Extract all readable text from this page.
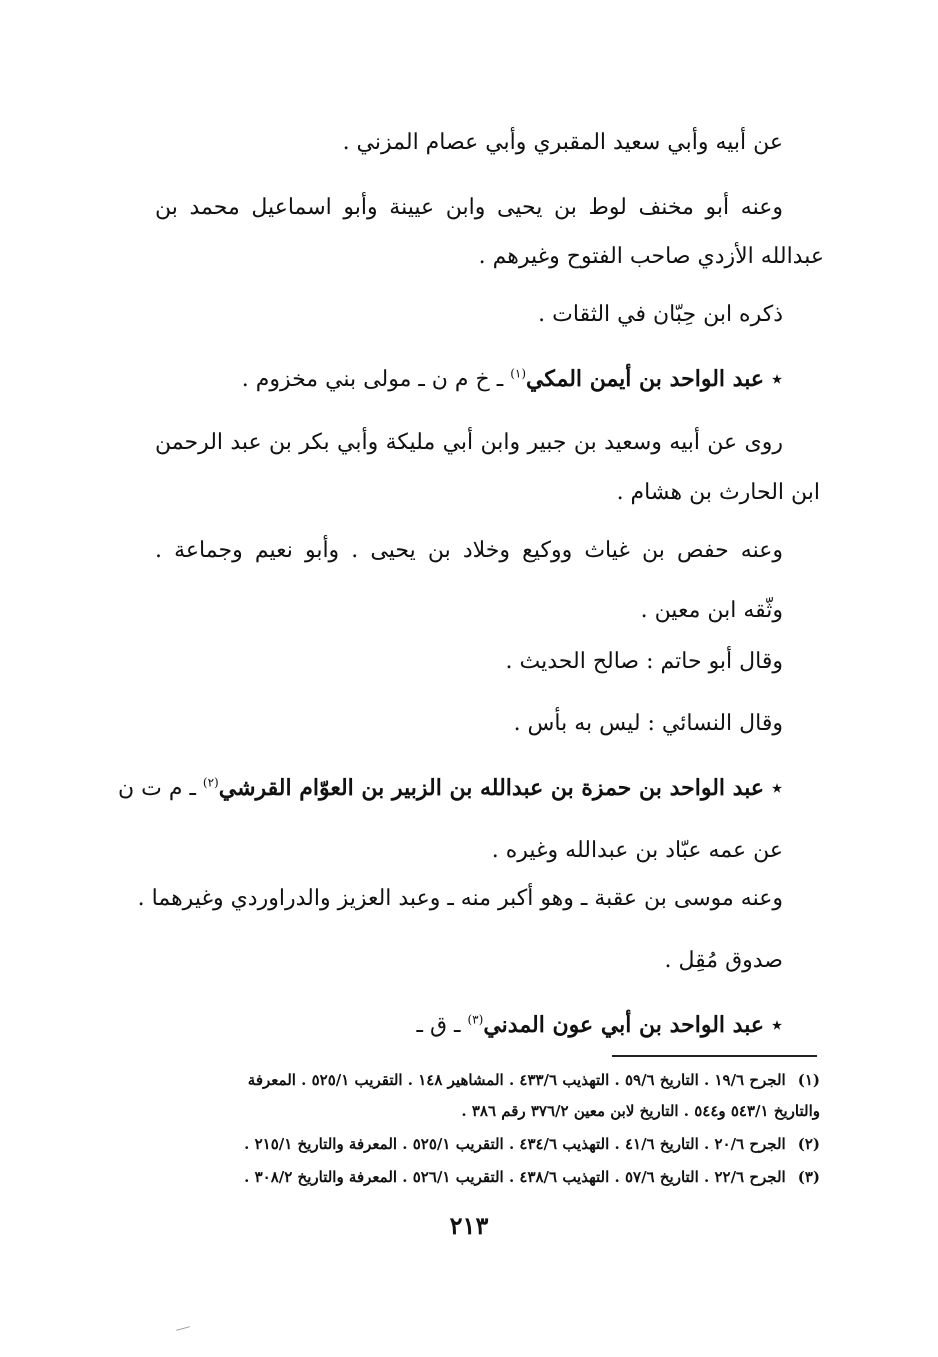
عن أبيه وأبي سعيد المقبري وأبي عصام المزني .
وعنه أبو مخنف لوط بن يحيى وابن عيينة وأبو اسماعيل محمد بن
عبدالله الأزدي صاحب الفتوح وغيرهم .
ذكره ابن حِبّان في الثقات .
٭ عبد الواحد بن أيمن المكي$^{(١)}$ ـ خ م ن ـ مولى بني مخزوم .
روى عن أبيه وسعيد بن جبير وابن أبي مليكة وأبي بكر بن عبد الرحمن
ابن الحارث بن هشام .
وعنه حفص بن غياث ووكيع وخلاد بن يحيى . وأبو نعيم وجماعة .
وثّقه ابن معين .
وقال أبو حاتم : صالح الحديث .
وقال النسائي : ليس به بأس .
٭ عبد الواحد بن حمزة بن عبدالله بن الزبير بن العوّام القرشي$^{(٢)}$ ـ م ت ن
عن عمه عبّاد بن عبدالله وغيره .
وعنه موسى بن عقبة ـ وهو أكبر منه ـ وعبد العزيز والدراوردي وغيرهما .
صدوق مُقِل .
٭ عبد الواحد بن أبي عون المدني$^{(٣)}$ ـ ق ـ
(١)الجرح ١٩/٦ . التاريخ ٥٩/٦ . التهذيب ٤٣٣/٦ . المشاهير ١٤٨ . التقريب ٥٢٥/١ . المعرفة
والتاريخ ٥٤٣/١ و٥٤٤ . التاريخ لابن معين ٣٧٦/٢ رقم ٣٨٦ .
(٢)الجرح ٢٠/٦ . التاريخ ٤١/٦ . التهذيب ٤٣٤/٦ . التقريب ٥٢٥/١ . المعرفة والتاريخ ٢١٥/١ .
(٣)الجرح ٢٢/٦ . التاريخ ٥٧/٦ . التهذيب ٤٣٨/٦ . التقريب ٥٢٦/١ . المعرفة والتاريخ ٣٠٨/٢ .
٢١٣
